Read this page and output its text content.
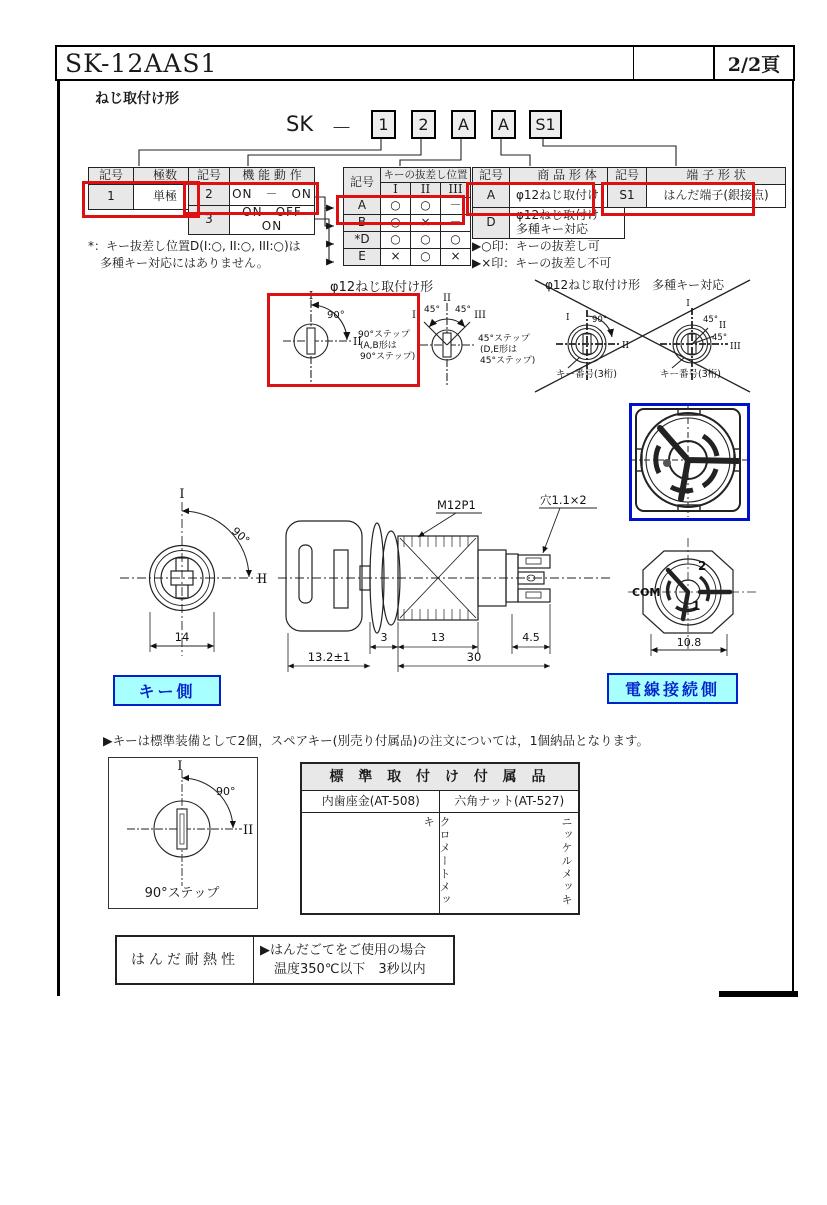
SK-12AAS1	2/2頁
ねじ取付け形
SK －	1	2	A	A	S1
記号	極数
1	単極
記号	機 能 動 作
2	ON　－　ON
3	ON　OFF　ON
記号	キーの抜差し位置		
	I	II	III
A	○	○	－
B	○	×	－
*D	○	○	○
E	×	○	×
記号	商 品 形 体
A	φ12ねじ取付け
D	φ12ねじ取付け
多種キー対応
記号	端 子 形 状
S1	はんだ端子(銀接点)
*：キー抜差し位置D(I:○, II:○, III:○)は
多種キー対応にはありません。
▶○印：キーの抜差し可
▶×印：キーの抜差し不可
φ12ねじ取付け形	φ12ねじ取付け形　多種キー対応
キー側	電線接続側
▶キーは標準装備として2個，スペアキー(別売り付属品)の注文については，1個納品となります。
90°ステップ
標 準 取 付 け 付 属 品	
内歯座金(AT-508)	六角ナット(AT-527)

クロメートメッキ	ニッケルメッキ
はんだ耐熱性	
▶はんだごてをご使用の場合
温度350℃以下　3秒以内
I
90°
II
90°ステップ
(A,B形は
90°ステップ)
I 45°
II
45° III
45°ステップ
(D,E形は
45°ステップ)
I	90°
II
I
45°
II
45°
III
キー番号(3桁)	キー番号(3桁)
I
90°
II
14
M12P1	穴1.1×2
3	13	4.5
13.2±1	30
2
COM
1
10.8
I
90°
II
